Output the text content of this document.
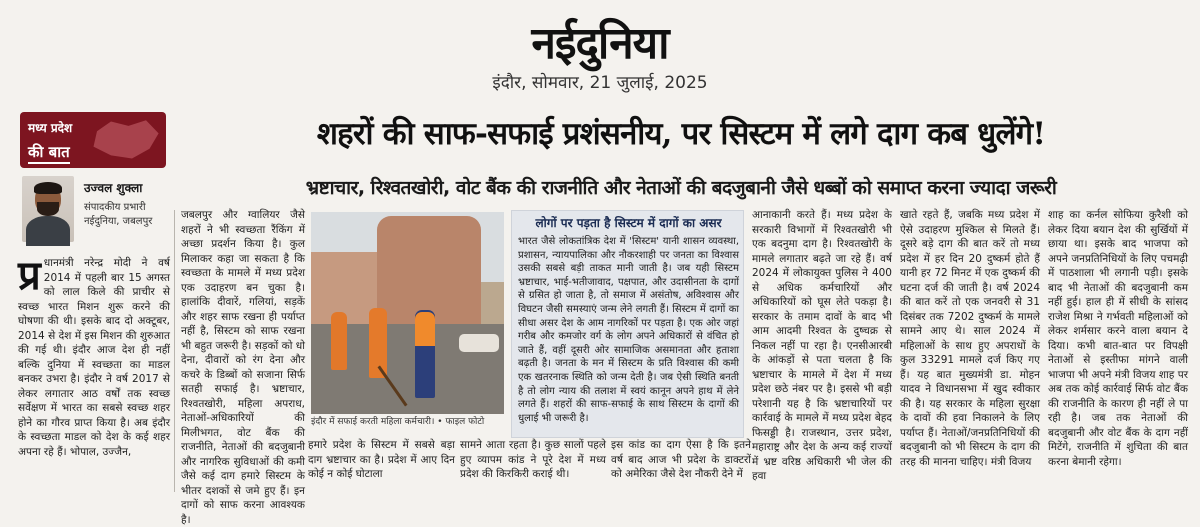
नईदुनिया
इंदौर, सोमवार, 21 जुलाई, 2025
मध्य प्रदेश
की बात	शहरों की साफ-सफाई प्रशंसनीय, पर सिस्टम में लगे दाग कब धुलेंगे!
भ्रष्टाचार, रिश्वतखोरी, वोट बैंक की राजनीति और नेताओं की बदजुबानी जैसे धब्बों को समाप्त करना ज्यादा जरूरी
उज्वल शुक्ला
संपादकीय प्रभारी
नईदुनिया, जबलपुर
प्र धानमंत्री नरेन्द्र मोदी ने वर्ष 2014 में पहली बार 15 अगस्त को लाल किले की प्राचीर से स्वच्छ भारत मिशन शुरू करने की घोषणा की थी। इसके बाद दो अक्टूबर, 2014 से देश में इस मिशन की शुरुआत की गई थी। इंदौर आज देश ही नहीं बल्कि दुनिया में स्वच्छता का माडल बनकर उभरा है। इंदौर ने वर्ष 2017 से लेकर लगातार आठ वर्षों तक स्वच्छ सर्वेक्षण में भारत का सबसे स्वच्छ शहर होने का गौरव प्राप्त किया है। अब इंदौर के स्वच्छता माडल को देश के कई शहर अपना रहे हैं। भोपाल, उज्जैन,
जबलपुर और ग्वालियर जैसे शहरों ने भी स्वच्छता रैंकिंग में अच्छा प्रदर्शन किया है। कुल मिलाकर कहा जा सकता है कि स्वच्छता के मामले में मध्य प्रदेश एक उदाहरण बन चुका है। हालांकि दीवारें, गलियां, सड़कें और शहर साफ रखना ही पर्याप्त नहीं है, सिस्टम को साफ रखना भी बहुत जरूरी है। सड़कों को धो देना, दीवारों को रंग देना और कचरे के डिब्बों को सजाना सिर्फ सतही सफाई है। भ्रष्टाचार, रिश्वतखोरी, महिला अपराध, नेताओं-अधिकारियों की मिलीभगत, वोट बैंक की राजनीति, नेताओं की बदजुबानी और नागरिक सुविधाओं की कमी जैसे कई दाग हमारे सिस्टम के भीतर दशकों से जमे हुए हैं। इन दागों को साफ करना आवश्यक है।
इंदौर में सफाई करती महिला कर्मचारी। • फाइल फोटो
हमारे प्रदेश के सिस्टम में सबसे बड़ा दाग भ्रष्टाचार का है। प्रदेश में आए दिन कोई न कोई घोटाला
सामने आता रहता है। कुछ सालों पहले हुए व्यापम कांड ने पूरे देश में मध्य प्रदेश की किरकिरी कराई थी।
इस कांड का दाग ऐसा है कि इतने वर्ष बाद आज भी प्रदेश के डाक्टरों को अमेरिका जैसे देश नौकरी देने में
लोगों पर पड़ता है सिस्टम में दागों का असर
भारत जैसे लोकतांत्रिक देश में 'सिस्टम' यानी शासन व्यवस्था, प्रशासन, न्यायपालिका और नौकरशाही पर जनता का विश्वास उसकी सबसे बड़ी ताकत मानी जाती है। जब यही सिस्टम भ्रष्टाचार, भाई-भतीजावाद, पक्षपात, और उदासीनता के दागों से ग्रसित हो जाता है, तो समाज में असंतोष, अविश्वास और विघटन जैसी समस्याएं जन्म लेने लगती हैं। सिस्टम में दागों का सीधा असर देश के आम नागरिकों पर पड़ता है। एक ओर जहां गरीब और कमजोर वर्ग के लोग अपने अधिकारों से वंचित हो जाते हैं, वहीं दूसरी ओर सामाजिक असमानता और हताशा बढ़ती है। जनता के मन में सिस्टम के प्रति विश्वास की कमी एक खतरनाक स्थिति को जन्म देती है। जब ऐसी स्थिति बनती है तो लोग न्याय की तलाश में स्वयं कानून अपने हाथ में लेने लगते हैं। शहरों की साफ-सफाई के साथ सिस्टम के दागों की धुलाई भी जरूरी है।
आनाकानी करते हैं। मध्य प्रदेश के सरकारी विभागों में रिश्वतखोरी भी एक बदनुमा दाग है। रिश्वतखोरी के मामले लगातार बढ़ते जा रहे हैं। वर्ष 2024 में लोकायुक्त पुलिस ने 400 से अधिक कर्मचारियों और अधिकारियों को घूस लेते पकड़ा है। सरकार के तमाम दावों के बाद भी आम आदमी रिश्वत के दुष्चक्र से निकल नहीं पा रहा है। एनसीआरबी के आंकड़ों से पता चलता है कि भ्रष्टाचार के मामले में देश में मध्य प्रदेश छठे नंबर पर है। इससे भी बड़ी परेशानी यह है कि भ्रष्टाचारियों पर कार्रवाई के मामले में मध्य प्रदेश बेहद फिसड्डी है। राजस्थान, उत्तर प्रदेश, महाराष्ट्र और देश के अन्य कई राज्यों में भ्रष्ट वरिष्ठ अधिकारी भी जेल की हवा
खाते रहते हैं, जबकि मध्य प्रदेश में ऐसे उदाहरण मुश्किल से मिलते हैं। दूसरे बड़े दाग की बात करें तो मध्य प्रदेश में हर दिन 20 दुष्कर्म होते हैं यानी हर 72 मिनट में एक दुष्कर्म की घटना दर्ज की जाती है। वर्ष 2024 की बात करें तो एक जनवरी से 31 दिसंबर तक 7202 दुष्कर्म के मामले सामने आए थे। साल 2024 में महिलाओं के साथ हुए अपराधों के कुल 33291 मामले दर्ज किए गए हैं। यह बात मुख्यमंत्री डा. मोहन यादव ने विधानसभा में खुद स्वीकार की है। यह सरकार के महिला सुरक्षा के दावों की हवा निकालने के लिए पर्याप्त हैं। नेताओं/जनप्रतिनिधियों की बदजुबानी को भी सिस्टम के दाग की तरह की मानना चाहिए। मंत्री विजय
शाह का कर्नल सोफिया कुरैशी को लेकर दिया बयान देश की सुर्खियों में छाया था। इसके बाद भाजपा को अपने जनप्रतिनिधियों के लिए पचमढ़ी में पाठशाला भी लगानी पड़ी। इसके बाद भी नेताओं की बदजुबानी कम नहीं हुई। हाल ही में सीधी के सांसद राजेश मिश्रा ने गर्भवती महिलाओं को लेकर शर्मसार करने वाला बयान दे दिया। कभी बात-बात पर विपक्षी नेताओं से इस्तीफा मांगने वाली भाजपा भी अपने मंत्री विजय शाह पर अब तक कोई कार्रवाई सिर्फ वोट बैंक की राजनीति के कारण ही नहीं ले पा रही है। जब तक नेताओं की बदजुबानी और वोट बैंक के दाग नहीं मिटेंगे, राजनीति में शुचिता की बात करना बेमानी रहेगा।
